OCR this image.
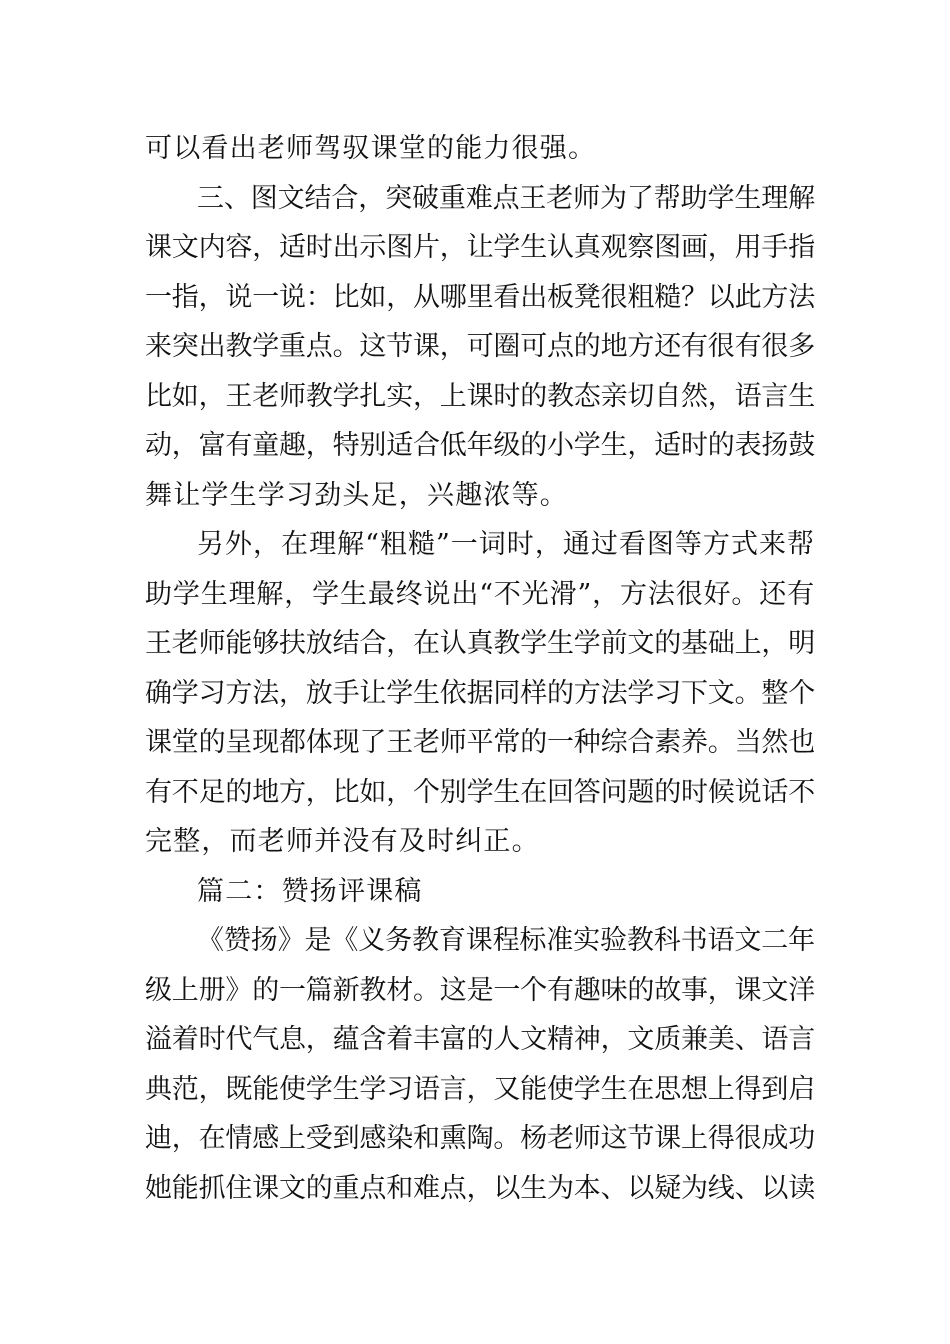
可以看出老师驾驭课堂的能力很强。
三、图文结合，突破重难点王老师为了帮助学生理解
课文内容，适时出示图片，让学生认真观察图画，用手指
一指，说一说：比如，从哪里看出板凳很粗糙？以此方法
来突出教学重点。这节课，可圈可点的地方还有很有很多
比如，王老师教学扎实，上课时的教态亲切自然，语言生
动，富有童趣，特别适合低年级的小学生，适时的表扬鼓
舞让学生学习劲头足，兴趣浓等。
另外，在理解“粗糙”一词时，通过看图等方式来帮
助学生理解，学生最终说出“不光滑”，方法很好。还有
王老师能够扶放结合，在认真教学生学前文的基础上，明
确学习方法，放手让学生依据同样的方法学习下文。整个
课堂的呈现都体现了王老师平常的一种综合素养。当然也
有不足的地方，比如，个别学生在回答问题的时候说话不
完整，而老师并没有及时纠正。
篇二：赞扬评课稿
《赞扬》是《义务教育课程标准实验教科书语文二年
级上册》的一篇新教材。这是一个有趣味的故事，课文洋
溢着时代气息，蕴含着丰富的人文精神，文质兼美、语言
典范，既能使学生学习语言，又能使学生在思想上得到启
迪，在情感上受到感染和熏陶。杨老师这节课上得很成功
她能抓住课文的重点和难点，以生为本、以疑为线、以读
